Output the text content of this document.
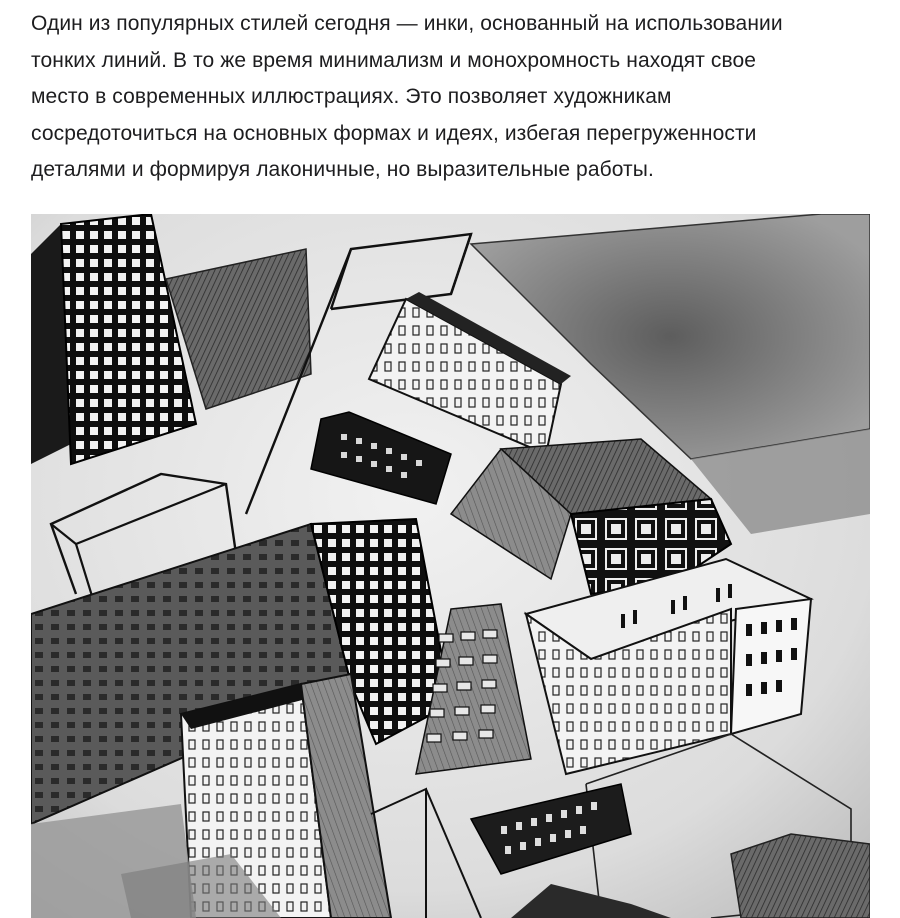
Один из популярных стилей сегодня — инки, основанный на использовании
тонких линий. В то же время минимализм и монохромность находят свое
место в современных иллюстрациях. Это позволяет художникам
сосредоточиться на основных формах и идеях, избегая перегруженности
деталями и формируя лаконичные, но выразительные работы.
